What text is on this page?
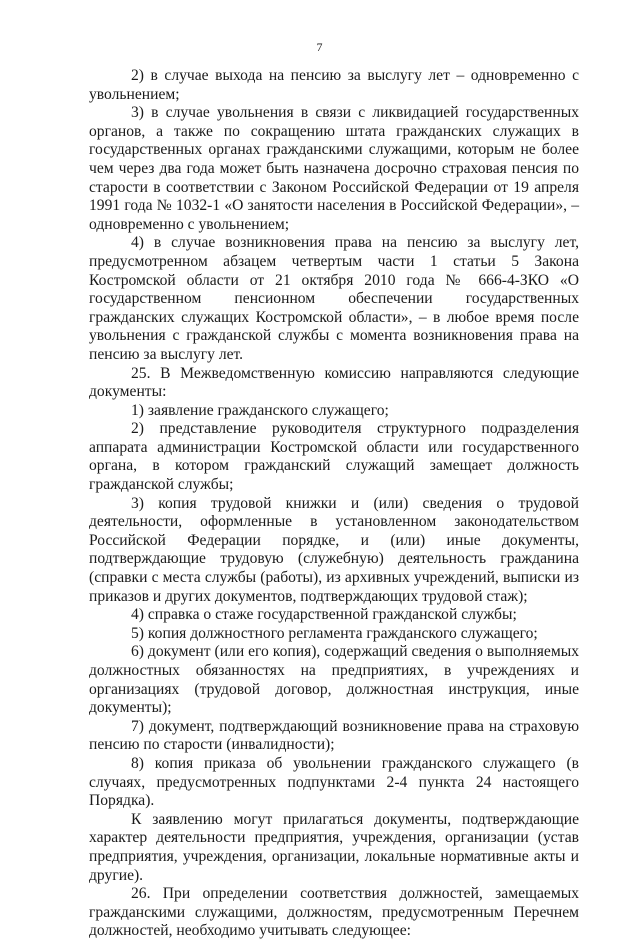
7

2) в случае выхода на пенсию за выслугу лет – одновременно с увольнением;

3) в случае увольнения в связи с ликвидацией государственных органов, а также по сокращению штата гражданских служащих в государственных органах гражданскими служащими, которым не более чем через два года может быть назначена досрочно страховая пенсия по старости в соответствии с Законом Российской Федерации от 19 апреля 1991 года № 1032-1 «О занятости населения в Российской Федерации», – одновременно с увольнением;

4) в случае возникновения права на пенсию за выслугу лет, предусмотренном абзацем четвертым части 1 статьи 5 Закона Костромской области от 21 октября 2010 года № 666-4-ЗКО «О государственном пенсионном обеспечении государственных гражданских служащих Костромской области», – в любое время после увольнения с гражданской службы с момента возникновения права на пенсию за выслугу лет.

25. В Межведомственную комиссию направляются следующие документы:

1) заявление гражданского служащего;

2) представление руководителя структурного подразделения аппарата администрации Костромской области или государственного органа, в котором гражданский служащий замещает должность гражданской службы;

3) копия трудовой книжки и (или) сведения о трудовой деятельности, оформленные в установленном законодательством Российской Федерации порядке, и (или) иные документы, подтверждающие трудовую (служебную) деятельность гражданина (справки с места службы (работы), из архивных учреждений, выписки из приказов и других документов, подтверждающих трудовой стаж);

4) справка о стаже государственной гражданской службы;

5) копия должностного регламента гражданского служащего;

6) документ (или его копия), содержащий сведения о выполняемых должностных обязанностях на предприятиях, в учреждениях и организациях (трудовой договор, должностная инструкция, иные документы);

7) документ, подтверждающий возникновение права на страховую пенсию по старости (инвалидности);

8) копия приказа об увольнении гражданского служащего (в случаях, предусмотренных подпунктами 2-4 пункта 24 настоящего Порядка).

К заявлению могут прилагаться документы, подтверждающие характер деятельности предприятия, учреждения, организации (устав предприятия, учреждения, организации, локальные нормативные акты и другие).

26. При определении соответствия должностей, замещаемых гражданскими служащими, должностям, предусмотренным Перечнем должностей, необходимо учитывать следующее:
